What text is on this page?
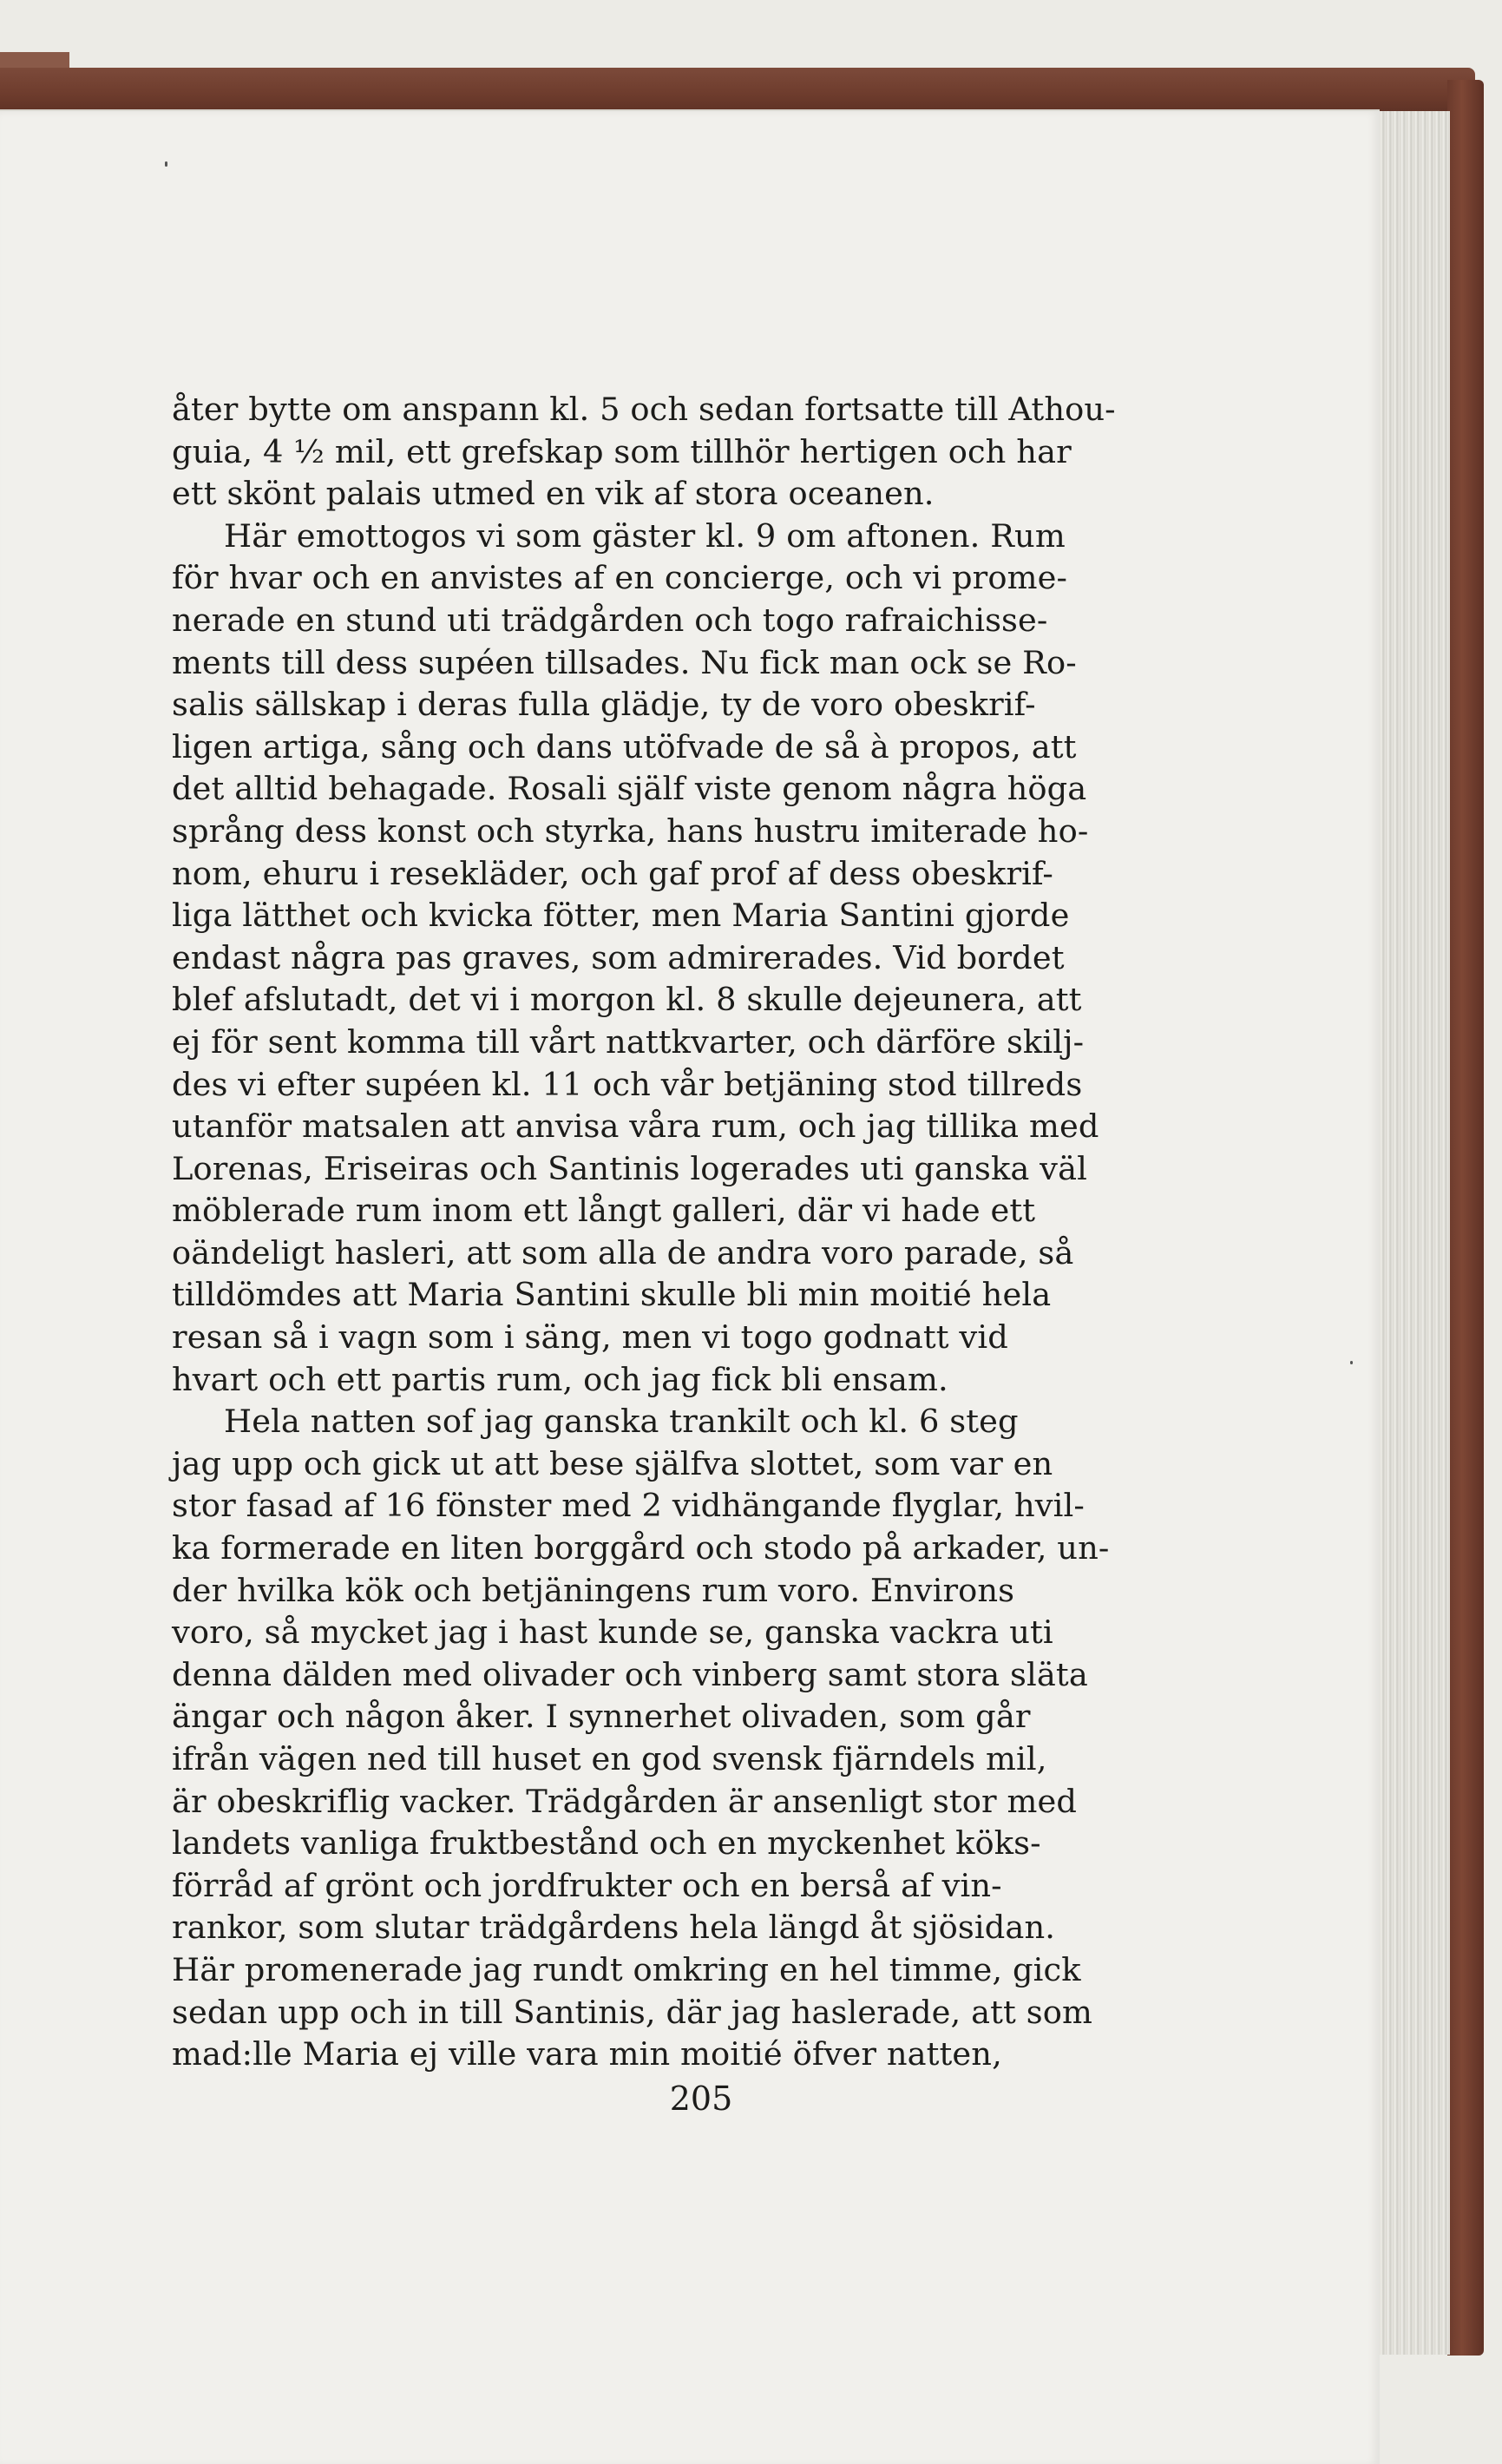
åter bytte om anspann kl. 5 och sedan fortsatte till Athou-
guia, 4 ½ mil, ett grefskap som tillhör hertigen och har
ett skönt palais utmed en vik af stora oceanen.
Här emottogos vi som gäster kl. 9 om aftonen. Rum
för hvar och en anvistes af en concierge, och vi prome-
nerade en stund uti trädgården och togo rafraichisse-
ments till dess supéen tillsades. Nu fick man ock se Ro-
salis sällskap i deras fulla glädje, ty de voro obeskrif-
ligen artiga, sång och dans utöfvade de så à propos, att
det alltid behagade. Rosali själf viste genom några höga
språng dess konst och styrka, hans hustru imiterade ho-
nom, ehuru i resekläder, och gaf prof af dess obeskrif-
liga lätthet och kvicka fötter, men Maria Santini gjorde
endast några pas graves, som admirerades. Vid bordet
blef afslutadt, det vi i morgon kl. 8 skulle dejeunera, att
ej för sent komma till vårt nattkvarter, och därföre skilj-
des vi efter supéen kl. 11 och vår betjäning stod tillreds
utanför matsalen att anvisa våra rum, och jag tillika med
Lorenas, Eriseiras och Santinis logerades uti ganska väl
möblerade rum inom ett långt galleri, där vi hade ett
oändeligt hasleri, att som alla de andra voro parade, så
tilldömdes att Maria Santini skulle bli min moitié hela
resan så i vagn som i säng, men vi togo godnatt vid
hvart och ett partis rum, och jag fick bli ensam.
Hela natten sof jag ganska trankilt och kl. 6 steg
jag upp och gick ut att bese själfva slottet, som var en
stor fasad af 16 fönster med 2 vidhängande flyglar, hvil-
ka formerade en liten borggård och stodo på arkader, un-
der hvilka kök och betjäningens rum voro. Environs
voro, så mycket jag i hast kunde se, ganska vackra uti
denna dälden med olivader och vinberg samt stora släta
ängar och någon åker. I synnerhet olivaden, som går
ifrån vägen ned till huset en god svensk fjärndels mil,
är obeskriflig vacker. Trädgården är ansenligt stor med
landets vanliga fruktbestånd och en myckenhet köks-
förråd af grönt och jordfrukter och en berså af vin-
rankor, som slutar trädgårdens hela längd åt sjösidan.
Här promenerade jag rundt omkring en hel timme, gick
sedan upp och in till Santinis, där jag haslerade, att som
mad:lle Maria ej ville vara min moitié öfver natten,
205
